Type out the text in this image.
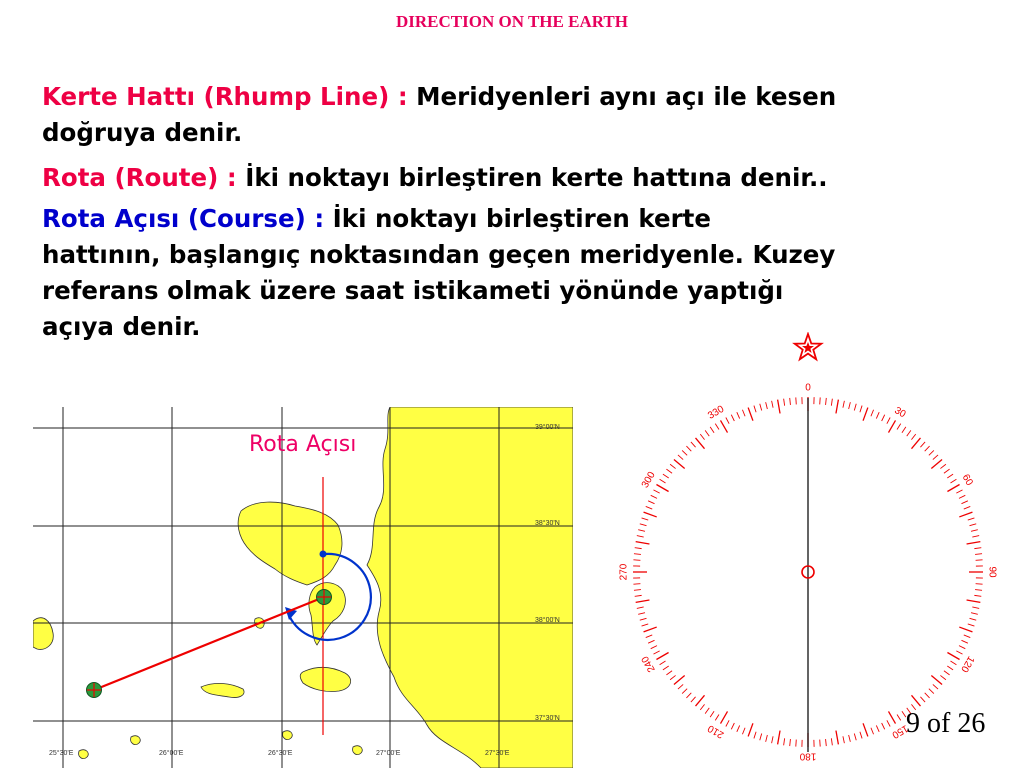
DIRECTION ON THE EARTH
Kerte Hattı (Rhump Line) : Meridyenleri aynı açı ile kesen
doğruya denir.
Rota (Route) : İki noktayı birleştiren kerte hattına denir..
Rota Açısı (Course) : İki noktayı birleştiren kerte
hattının, başlangıç noktasından geçen meridyenle. Kuzey
referans olmak üzere saat istikameti yönünde yaptığı
açıya denir.
39°00'N
38°30'N
38°00'N
37°30'N
25°30'E	26°00'E	26°30'E	27°00'E	27°30'E
Rota Açısı
0
30
60
90
120
150
180
210
240
270
300
330
9 of 26
